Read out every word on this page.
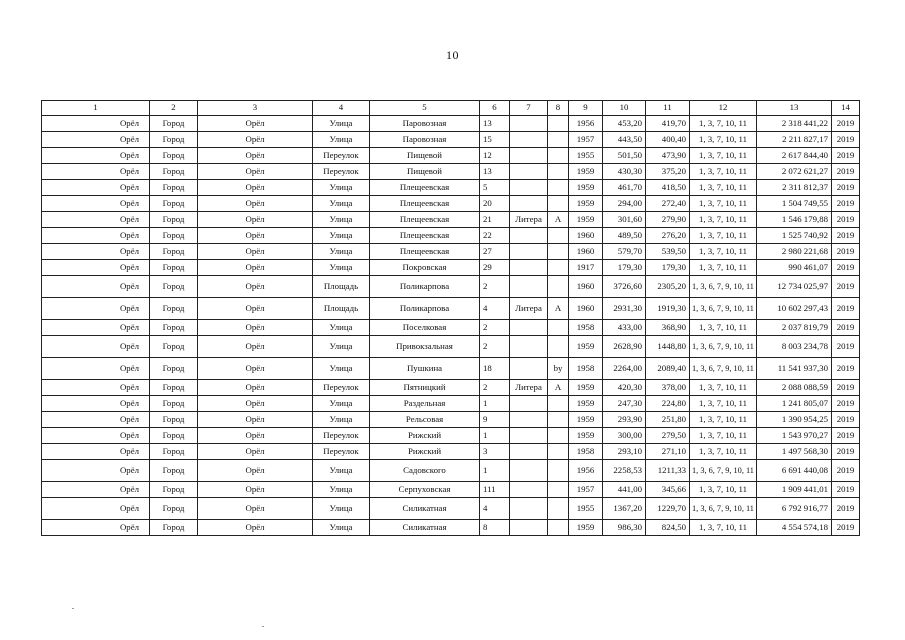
10
1	2	3	4	5	6	7	8	9	10	11	12	13	14
Орёл	Город	Орёл	Улица	Паровозная	13			1956	453,20	419,70	1, 3, 7, 10, 11	2 318 441,22	2019
Орёл	Город	Орёл	Улица	Паровозная	15			1957	443,50	400,40	1, 3, 7, 10, 11	2 211 827,17	2019
Орёл	Город	Орёл	Переулок	Пищевой	12			1955	501,50	473,90	1, 3, 7, 10, 11	2 617 844,40	2019
Орёл	Город	Орёл	Переулок	Пищевой	13			1959	430,30	375,20	1, 3, 7, 10, 11	2 072 621,27	2019
Орёл	Город	Орёл	Улица	Плещеевская	5			1959	461,70	418,50	1, 3, 7, 10, 11	2 311 812,37	2019
Орёл	Город	Орёл	Улица	Плещеевская	20			1959	294,00	272,40	1, 3, 7, 10, 11	1 504 749,55	2019
Орёл	Город	Орёл	Улица	Плещеевская	21	Литера	А	1959	301,60	279,90	1, 3, 7, 10, 11	1 546 179,88	2019
Орёл	Город	Орёл	Улица	Плещеевская	22			1960	489,50	276,20	1, 3, 7, 10, 11	1 525 740,92	2019
Орёл	Город	Орёл	Улица	Плещеевская	27			1960	579,70	539,50	1, 3, 7, 10, 11	2 980 221,68	2019
Орёл	Город	Орёл	Улица	Покровская	29			1917	179,30	179,30	1, 3, 7, 10, 11	990 461,07	2019
Орёл	Город	Орёл	Площадь	Поликарпова	2			1960	3726,60	2305,20	1, 3, 6, 7, 9, 10, 11	12 734 025,97	2019
Орёл	Город	Орёл	Площадь	Поликарпова	4	Литера	А	1960	2931,30	1919,30	1, 3, 6, 7, 9, 10, 11	10 602 297,43	2019
Орёл	Город	Орёл	Улица	Поселковая	2			1958	433,00	368,90	1, 3, 7, 10, 11	2 037 819,79	2019
Орёл	Город	Орёл	Улица	Привокзальная	2			1959	2628,90	1448,80	1, 3, 6, 7, 9, 10, 11	8 003 234,78	2019
Орёл	Город	Орёл	Улица	Пушкина	18		by	1958	2264,00	2089,40	1, 3, 6, 7, 9, 10, 11	11 541 937,30	2019
Орёл	Город	Орёл	Переулок	Пятницкий	2	Литера	А	1959	420,30	378,00	1, 3, 7, 10, 11	2 088 088,59	2019
Орёл	Город	Орёл	Улица	Раздельная	1			1959	247,30	224,80	1, 3, 7, 10, 11	1 241 805,07	2019
Орёл	Город	Орёл	Улица	Рельсовая	9			1959	293,90	251,80	1, 3, 7, 10, 11	1 390 954,25	2019
Орёл	Город	Орёл	Переулок	Рижский	1			1959	300,00	279,50	1, 3, 7, 10, 11	1 543 970,27	2019
Орёл	Город	Орёл	Переулок	Рижский	3			1958	293,10	271,10	1, 3, 7, 10, 11	1 497 568,30	2019
Орёл	Город	Орёл	Улица	Садовского	1			1956	2258,53	1211,33	1, 3, 6, 7, 9, 10, 11	6 691 440,08	2019
Орёл	Город	Орёл	Улица	Серпуховская	111			1957	441,00	345,66	1, 3, 7, 10, 11	1 909 441,01	2019
Орёл	Город	Орёл	Улица	Силикатная	4			1955	1367,20	1229,70	1, 3, 6, 7, 9, 10, 11	6 792 916,77	2019
Орёл	Город	Орёл	Улица	Силикатная	8			1959	986,30	824,50	1, 3, 7, 10, 11	4 554 574,18	2019
